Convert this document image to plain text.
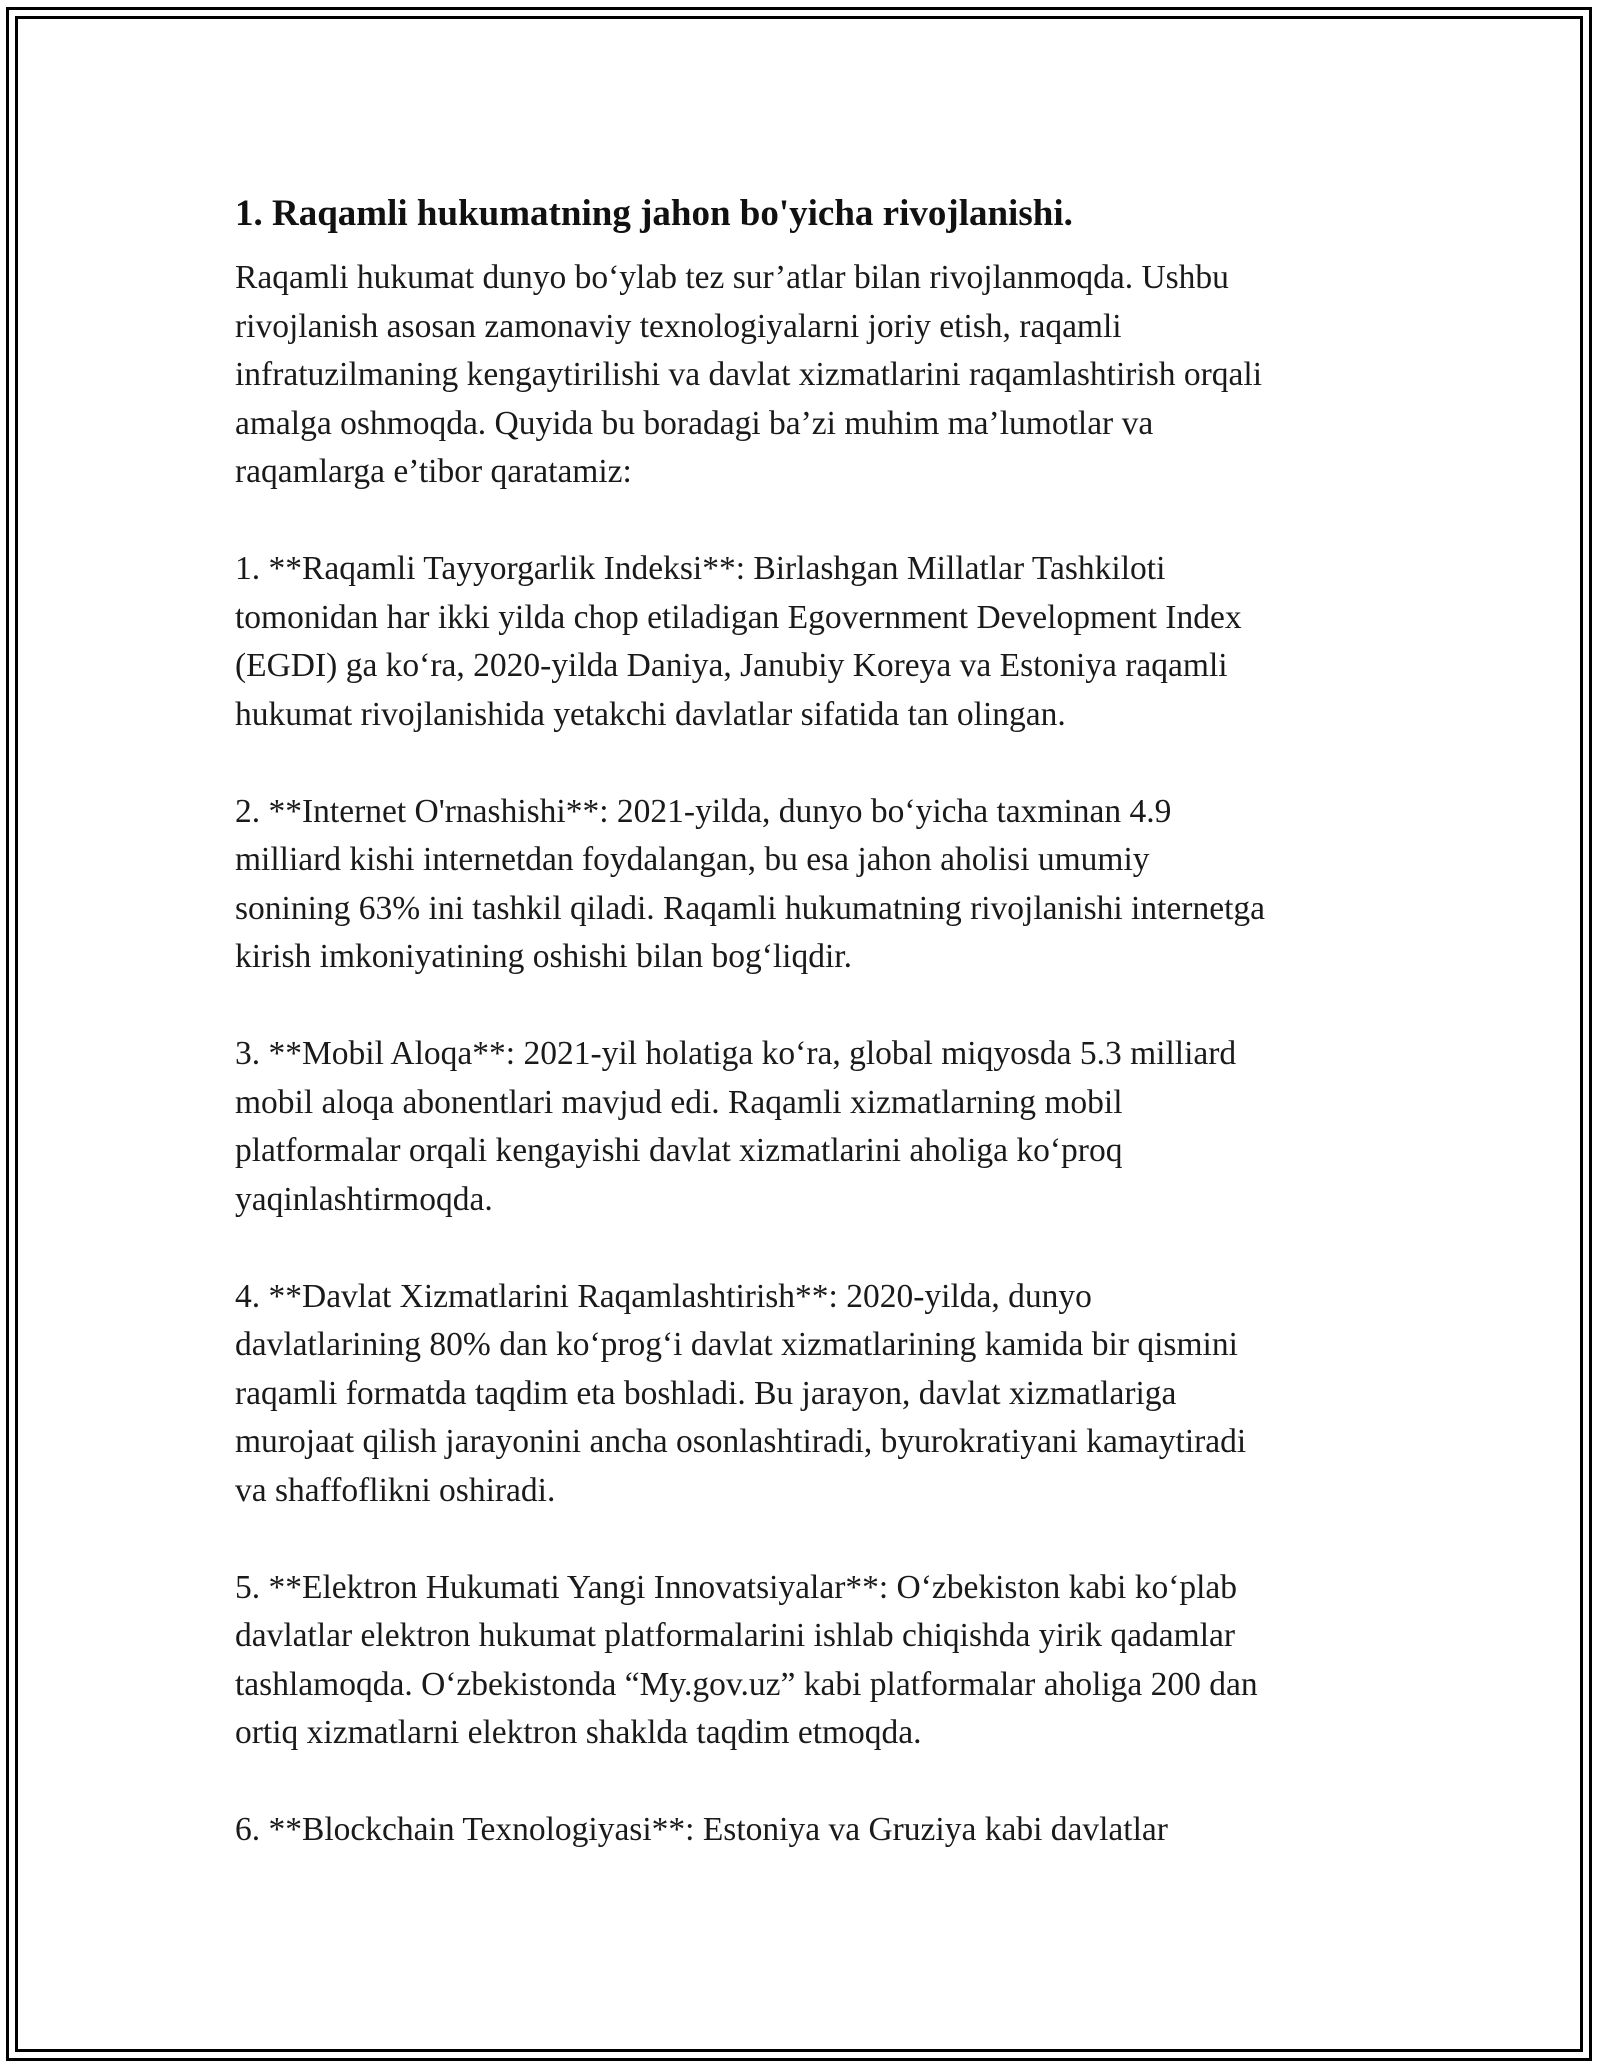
1. Raqamli hukumatning jahon bo'yicha rivojlanishi.

Raqamli hukumat dunyo bo‘ylab tez sur’atlar bilan rivojlanmoqda. Ushbu
rivojlanish asosan zamonaviy texnologiyalarni joriy etish, raqamli
infratuzilmaning kengaytirilishi va davlat xizmatlarini raqamlashtirish orqali
amalga oshmoqda. Quyida bu boradagi ba’zi muhim ma’lumotlar va
raqamlarga e’tibor qaratamiz:

1. **Raqamli Tayyorgarlik Indeksi**: Birlashgan Millatlar Tashkiloti
tomonidan har ikki yilda chop etiladigan Egovernment Development Index
(EGDI) ga ko‘ra, 2020-yilda Daniya, Janubiy Koreya va Estoniya raqamli
hukumat rivojlanishida yetakchi davlatlar sifatida tan olingan.

2. **Internet O'rnashishi**: 2021-yilda, dunyo bo‘yicha taxminan 4.9
milliard kishi internetdan foydalangan, bu esa jahon aholisi umumiy
sonining 63% ini tashkil qiladi. Raqamli hukumatning rivojlanishi internetga
kirish imkoniyatining oshishi bilan bog‘liqdir.

3. **Mobil Aloqa**: 2021-yil holatiga ko‘ra, global miqyosda 5.3 milliard
mobil aloqa abonentlari mavjud edi. Raqamli xizmatlarning mobil
platformalar orqali kengayishi davlat xizmatlarini aholiga ko‘proq
yaqinlashtirmoqda.

4. **Davlat Xizmatlarini Raqamlashtirish**: 2020-yilda, dunyo
davlatlarining 80% dan ko‘prog‘i davlat xizmatlarining kamida bir qismini
raqamli formatda taqdim eta boshladi. Bu jarayon, davlat xizmatlariga
murojaat qilish jarayonini ancha osonlashtiradi, byurokratiyani kamaytiradi
va shaffoflikni oshiradi.

5. **Elektron Hukumati Yangi Innovatsiyalar**: O‘zbekiston kabi ko‘plab
davlatlar elektron hukumat platformalarini ishlab chiqishda yirik qadamlar
tashlamoqda. O‘zbekistonda “My.gov.uz” kabi platformalar aholiga 200 dan
ortiq xizmatlarni elektron shaklda taqdim etmoqda.

6. **Blockchain Texnologiyasi**: Estoniya va Gruziya kabi davlatlar
